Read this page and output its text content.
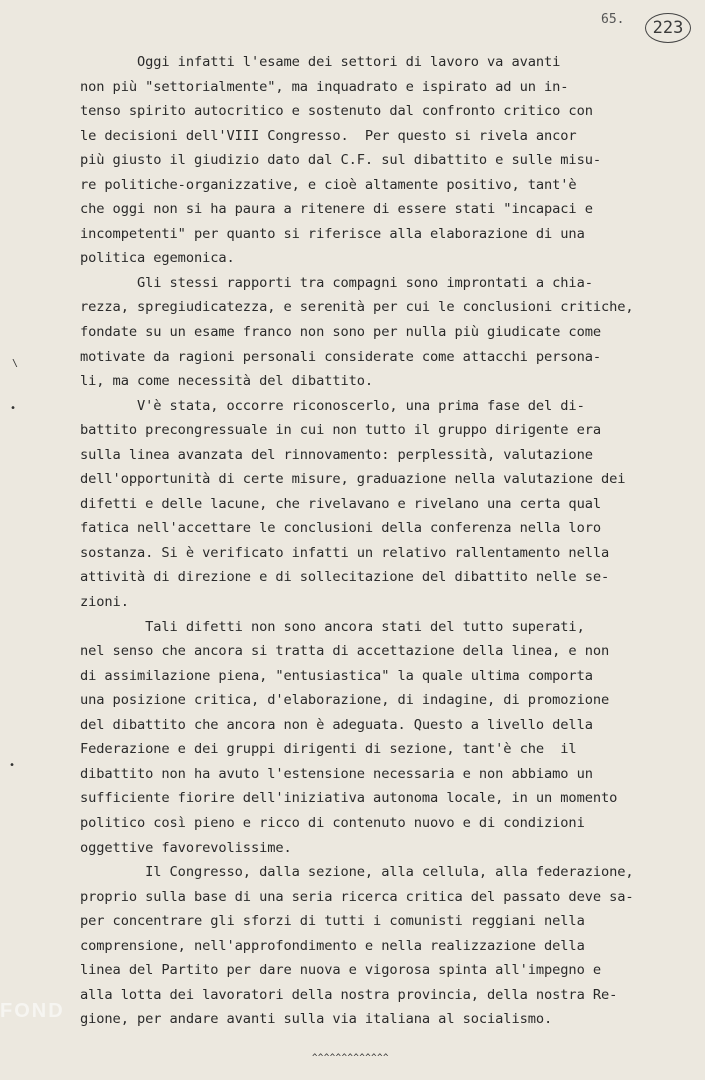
65.	223
\
•
•
Oggi infatti l'esame dei settori di lavoro va avanti
non più "settorialmente", ma inquadrato e ispirato ad un in-
tenso spirito autocritico e sostenuto dal confronto critico con
le decisioni dell'VIII Congresso.  Per questo si rivela ancor
più giusto il giudizio dato dal C.F. sul dibattito e sulle misu-
re politiche-organizzative, e cioè altamente positivo, tant'è
che oggi non si ha paura a ritenere di essere stati "incapaci e
incompetenti" per quanto si riferisce alla elaborazione di una
politica egemonica.
Gli stessi rapporti tra compagni sono improntati a chia-
rezza, spregiudicatezza, e serenità per cui le conclusioni critiche,
fondate su un esame franco non sono per nulla più giudicate come
motivate da ragioni personali considerate come attacchi persona-
li, ma come necessità del dibattito.
V'è stata, occorre riconoscerlo, una prima fase del di-
battito precongressuale in cui non tutto il gruppo dirigente era
sulla linea avanzata del rinnovamento: perplessità, valutazione
dell'opportunità di certe misure, graduazione nella valutazione dei
difetti e delle lacune, che rivelavano e rivelano una certa qual
fatica nell'accettare le conclusioni della conferenza nella loro
sostanza. Si è verificato infatti un relativo rallentamento nella
attività di direzione e di sollecitazione del dibattito nelle se-
zioni.
Tali difetti non sono ancora stati del tutto superati,
nel senso che ancora si tratta di accettazione della linea, e non
di assimilazione piena, "entusiastica" la quale ultima comporta
una posizione critica, d'elaborazione, di indagine, di promozione
del dibattito che ancora non è adeguata. Questo a livello della
Federazione e dei gruppi dirigenti di sezione, tant'è che  il
dibattito non ha avuto l'estensione necessaria e non abbiamo un
sufficiente fiorire dell'iniziativa autonoma locale, in un momento
politico così pieno e ricco di contenuto nuovo e di condizioni
oggettive favorevolissime.
Il Congresso, dalla sezione, alla cellula, alla federazione,
proprio sulla base di una seria ricerca critica del passato deve sa-
per concentrare gli sforzi di tutti i comunisti reggiani nella
comprensione, nell'approfondimento e nella realizzazione della
linea del Partito per dare nuova e vigorosa spinta all'impegno e
alla lotta dei lavoratori della nostra provincia, della nostra Re-
gione, per andare avanti sulla via italiana al socialismo.
^^^^^^^^^^^^^
FOND
